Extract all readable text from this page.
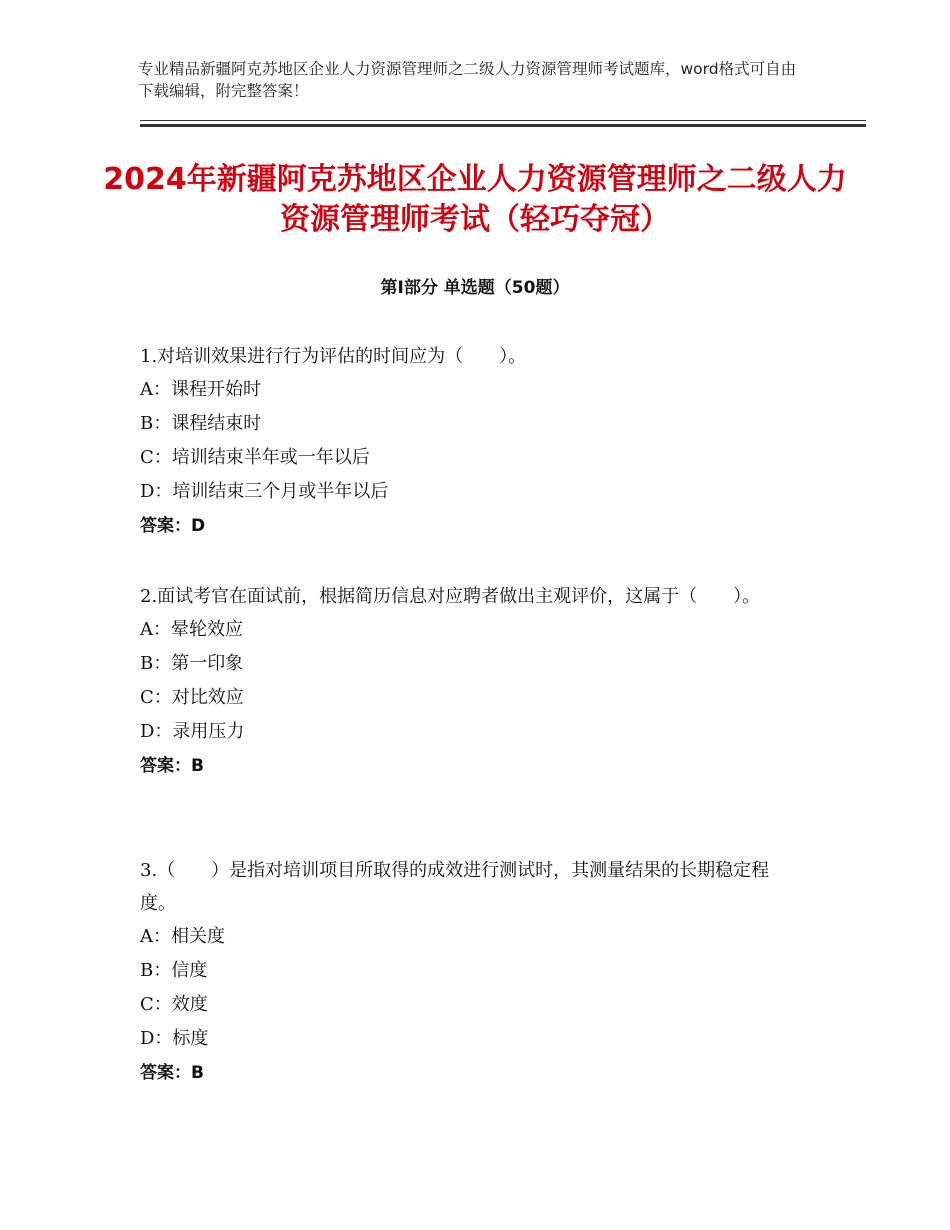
专业精品新疆阿克苏地区企业人力资源管理师之二级人力资源管理师考试题库，word格式可自由下载编辑，附完整答案！
2024年新疆阿克苏地区企业人力资源管理师之二级人力资源管理师考试（轻巧夺冠）
第Ⅰ部分 单选题（50题）

1.对培训效果进行行为评估的时间应为（　　）。

A：课程开始时

B：课程结束时

C：培训结束半年或一年以后

D：培训结束三个月或半年以后

答案：D

2.面试考官在面试前，根据简历信息对应聘者做出主观评价，这属于（　　）。

A：晕轮效应

B：第一印象

C：对比效应

D：录用压力

答案：B

3.（　　）是指对培训项目所取得的成效进行测试时，其测量结果的长期稳定程度。

A：相关度

B：信度

C：效度

D：标度

答案：B
